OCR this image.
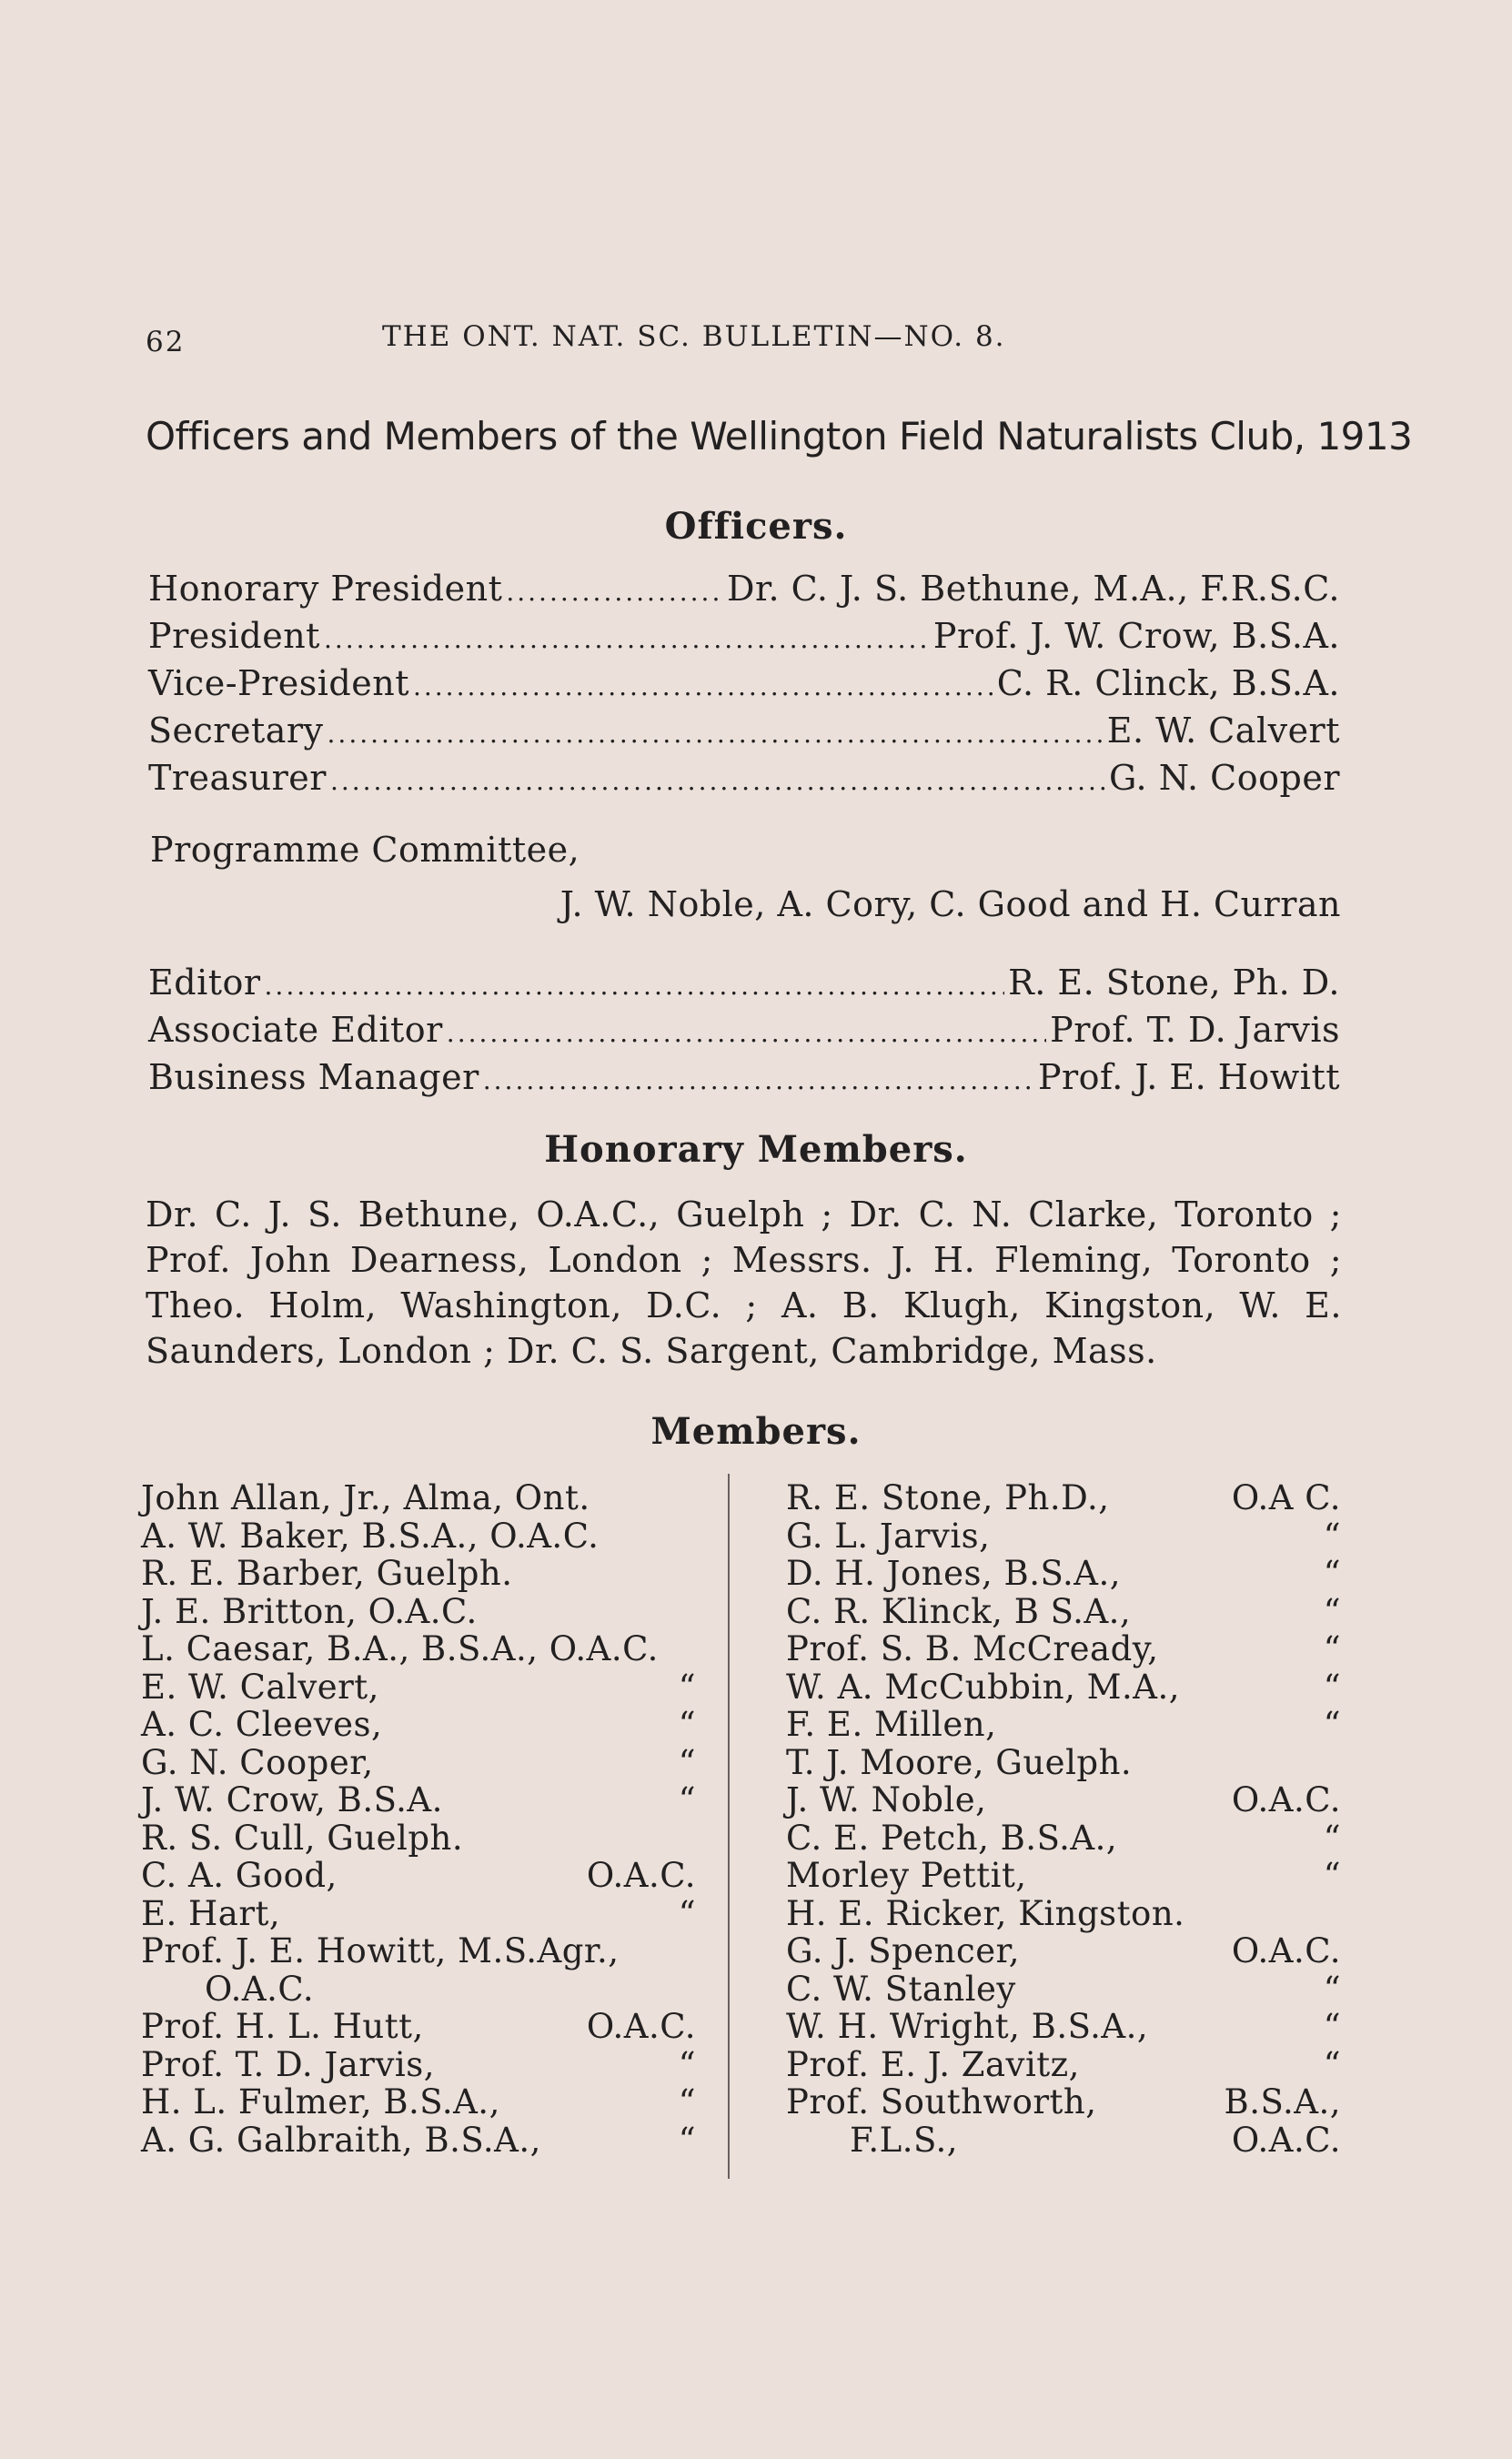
62	THE ONT. NAT. SC. BULLETIN—NO. 8.
Officers and Members of the Wellington Field Naturalists Club, 1913
Officers.
Honorary President .....	Dr. C. J. S. Bethune, M.A., F.R.S.C.
President .....	Prof. J. W. Crow, B.S.A.
Vice-President .....	C. R. Clinck, B.S.A.
Secretary .....	E. W. Calvert
Treasurer .....	G. N. Cooper
Programme Committee,
J. W. Noble, A. Cory, C. Good and H. Curran
Editor .....	R. E. Stone, Ph. D.
Associate Editor .....	Prof. T. D. Jarvis
Business Manager .....	Prof. J. E. Howitt
Honorary Members.
Dr. C. J. S. Bethune, O.A.C., Guelph ; Dr. C. N. Clarke, Toronto ; Prof. John Dearness, London ; Messrs. J. H. Fleming, Toronto ; Theo. Holm, Washington, D.C. ; A. B. Klugh, Kingston, W. E. Saunders, London ; Dr. C. S. Sargent, Cambridge, Mass.
Members.
John Allan, Jr., Alma, Ont.
A. W. Baker, B.S.A., O.A.C.
R. E. Barber, Guelph.
J. E. Britton, O.A.C.
L. Caesar, B.A., B.S.A., O.A.C.
E. W. Calvert,	“
A. C. Cleeves,	“
G. N. Cooper,	“
J. W. Crow, B.S.A.	“
R. S. Cull, Guelph.
C. A. Good,	O.A.C.
E. Hart,	“
Prof. J. E. Howitt, M.S.Agr.,
O.A.C.
Prof. H. L. Hutt,	O.A.C.
Prof. T. D. Jarvis,	“
H. L. Fulmer, B.S.A.,	“
A. G. Galbraith, B.S.A.,	“
R. E. Stone, Ph.D.,	O.A C.
G. L. Jarvis,	“
D. H. Jones, B.S.A.,	“
C. R. Klinck, B S.A.,	“
Prof. S. B. McCready,	“
W. A. McCubbin, M.A.,	“
F. E. Millen,	“
T. J. Moore, Guelph.
J. W. Noble,	O.A.C.
C. E. Petch, B.S.A.,	“
Morley Pettit,	“
H. E. Ricker, Kingston.
G. J. Spencer,	O.A.C.
C. W. Stanley	“
W. H. Wright, B.S.A.,	“
Prof. E. J. Zavitz,	“
Prof. Southworth,	B.S.A.,
F.L.S.,	O.A.C.
